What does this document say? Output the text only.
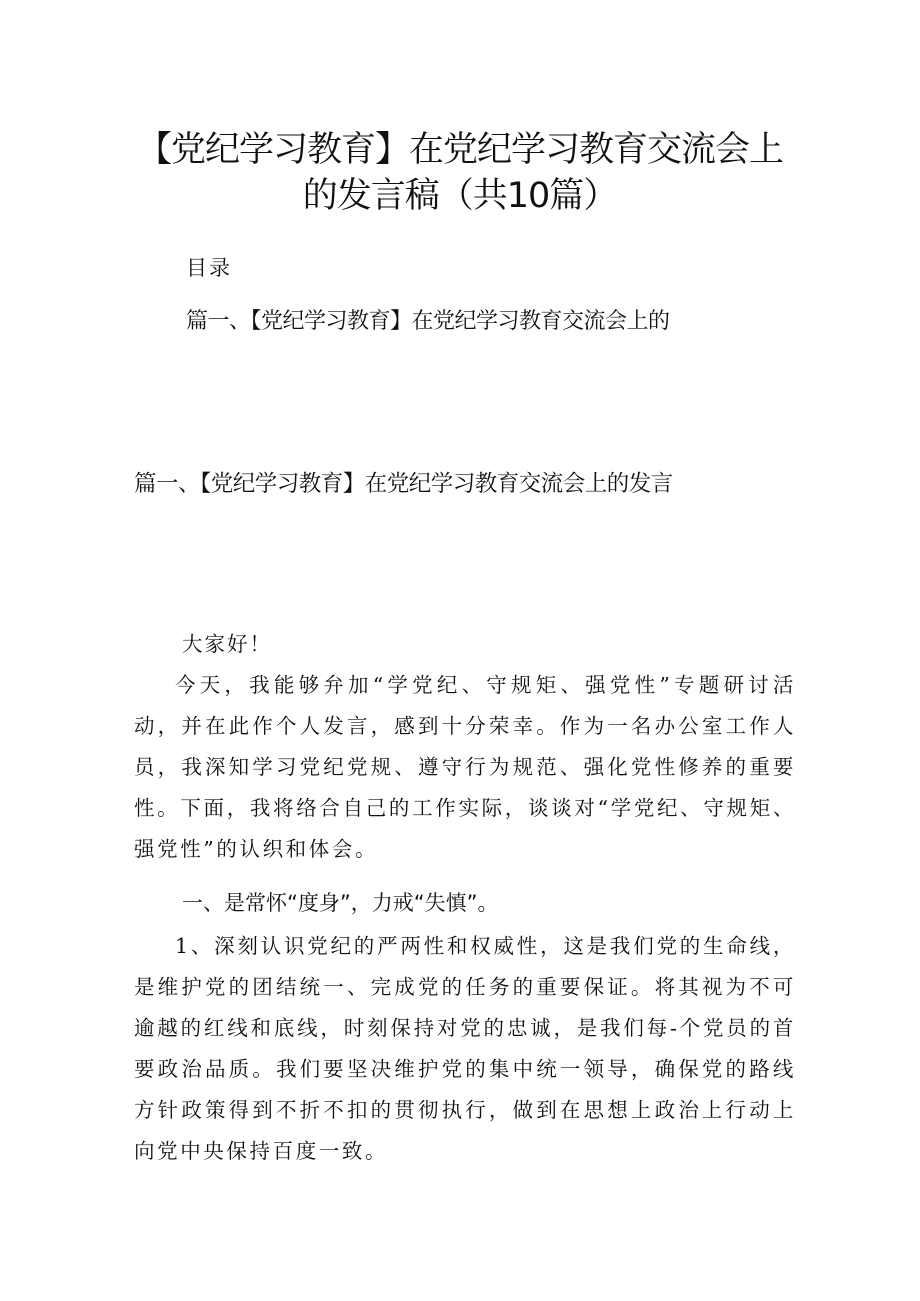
【党纪学习教育】在党纪学习教育交流会上
的发言稿（共10篇）
目录
篇一、【党纪学习教育】在党纪学习教育交流会上的
篇一、【党纪学习教育】在党纪学习教育交流会上的发言
大家好！
今天，我能够弁加“学党纪、守规矩、强党性”专题研讨活动，并在此作个人发言，感到十分荣幸。作为一名办公室工作人员，我深知学习党纪党规、遵守行为规范、强化党性修养的重要性。下面，我将络合自己的工作实际，谈谈对“学党纪、守规矩、强党性”的认织和体会。
一、是常怀“度身”，力戒“失慎”。
1、深刻认识党纪的严两性和权威性，这是我们党的生命线，是维护党的团结统一、完成党的任务的重要保证。将其视为不可逾越的红线和底线，时刻保持对党的忠诚，是我们每-个党员的首要政治品质。我们要坚决维护党的集中统一领导，确保党的路线方针政策得到不折不扣的贯彻执行，做到在思想上政治上行动上向党中央保持百度一致。
